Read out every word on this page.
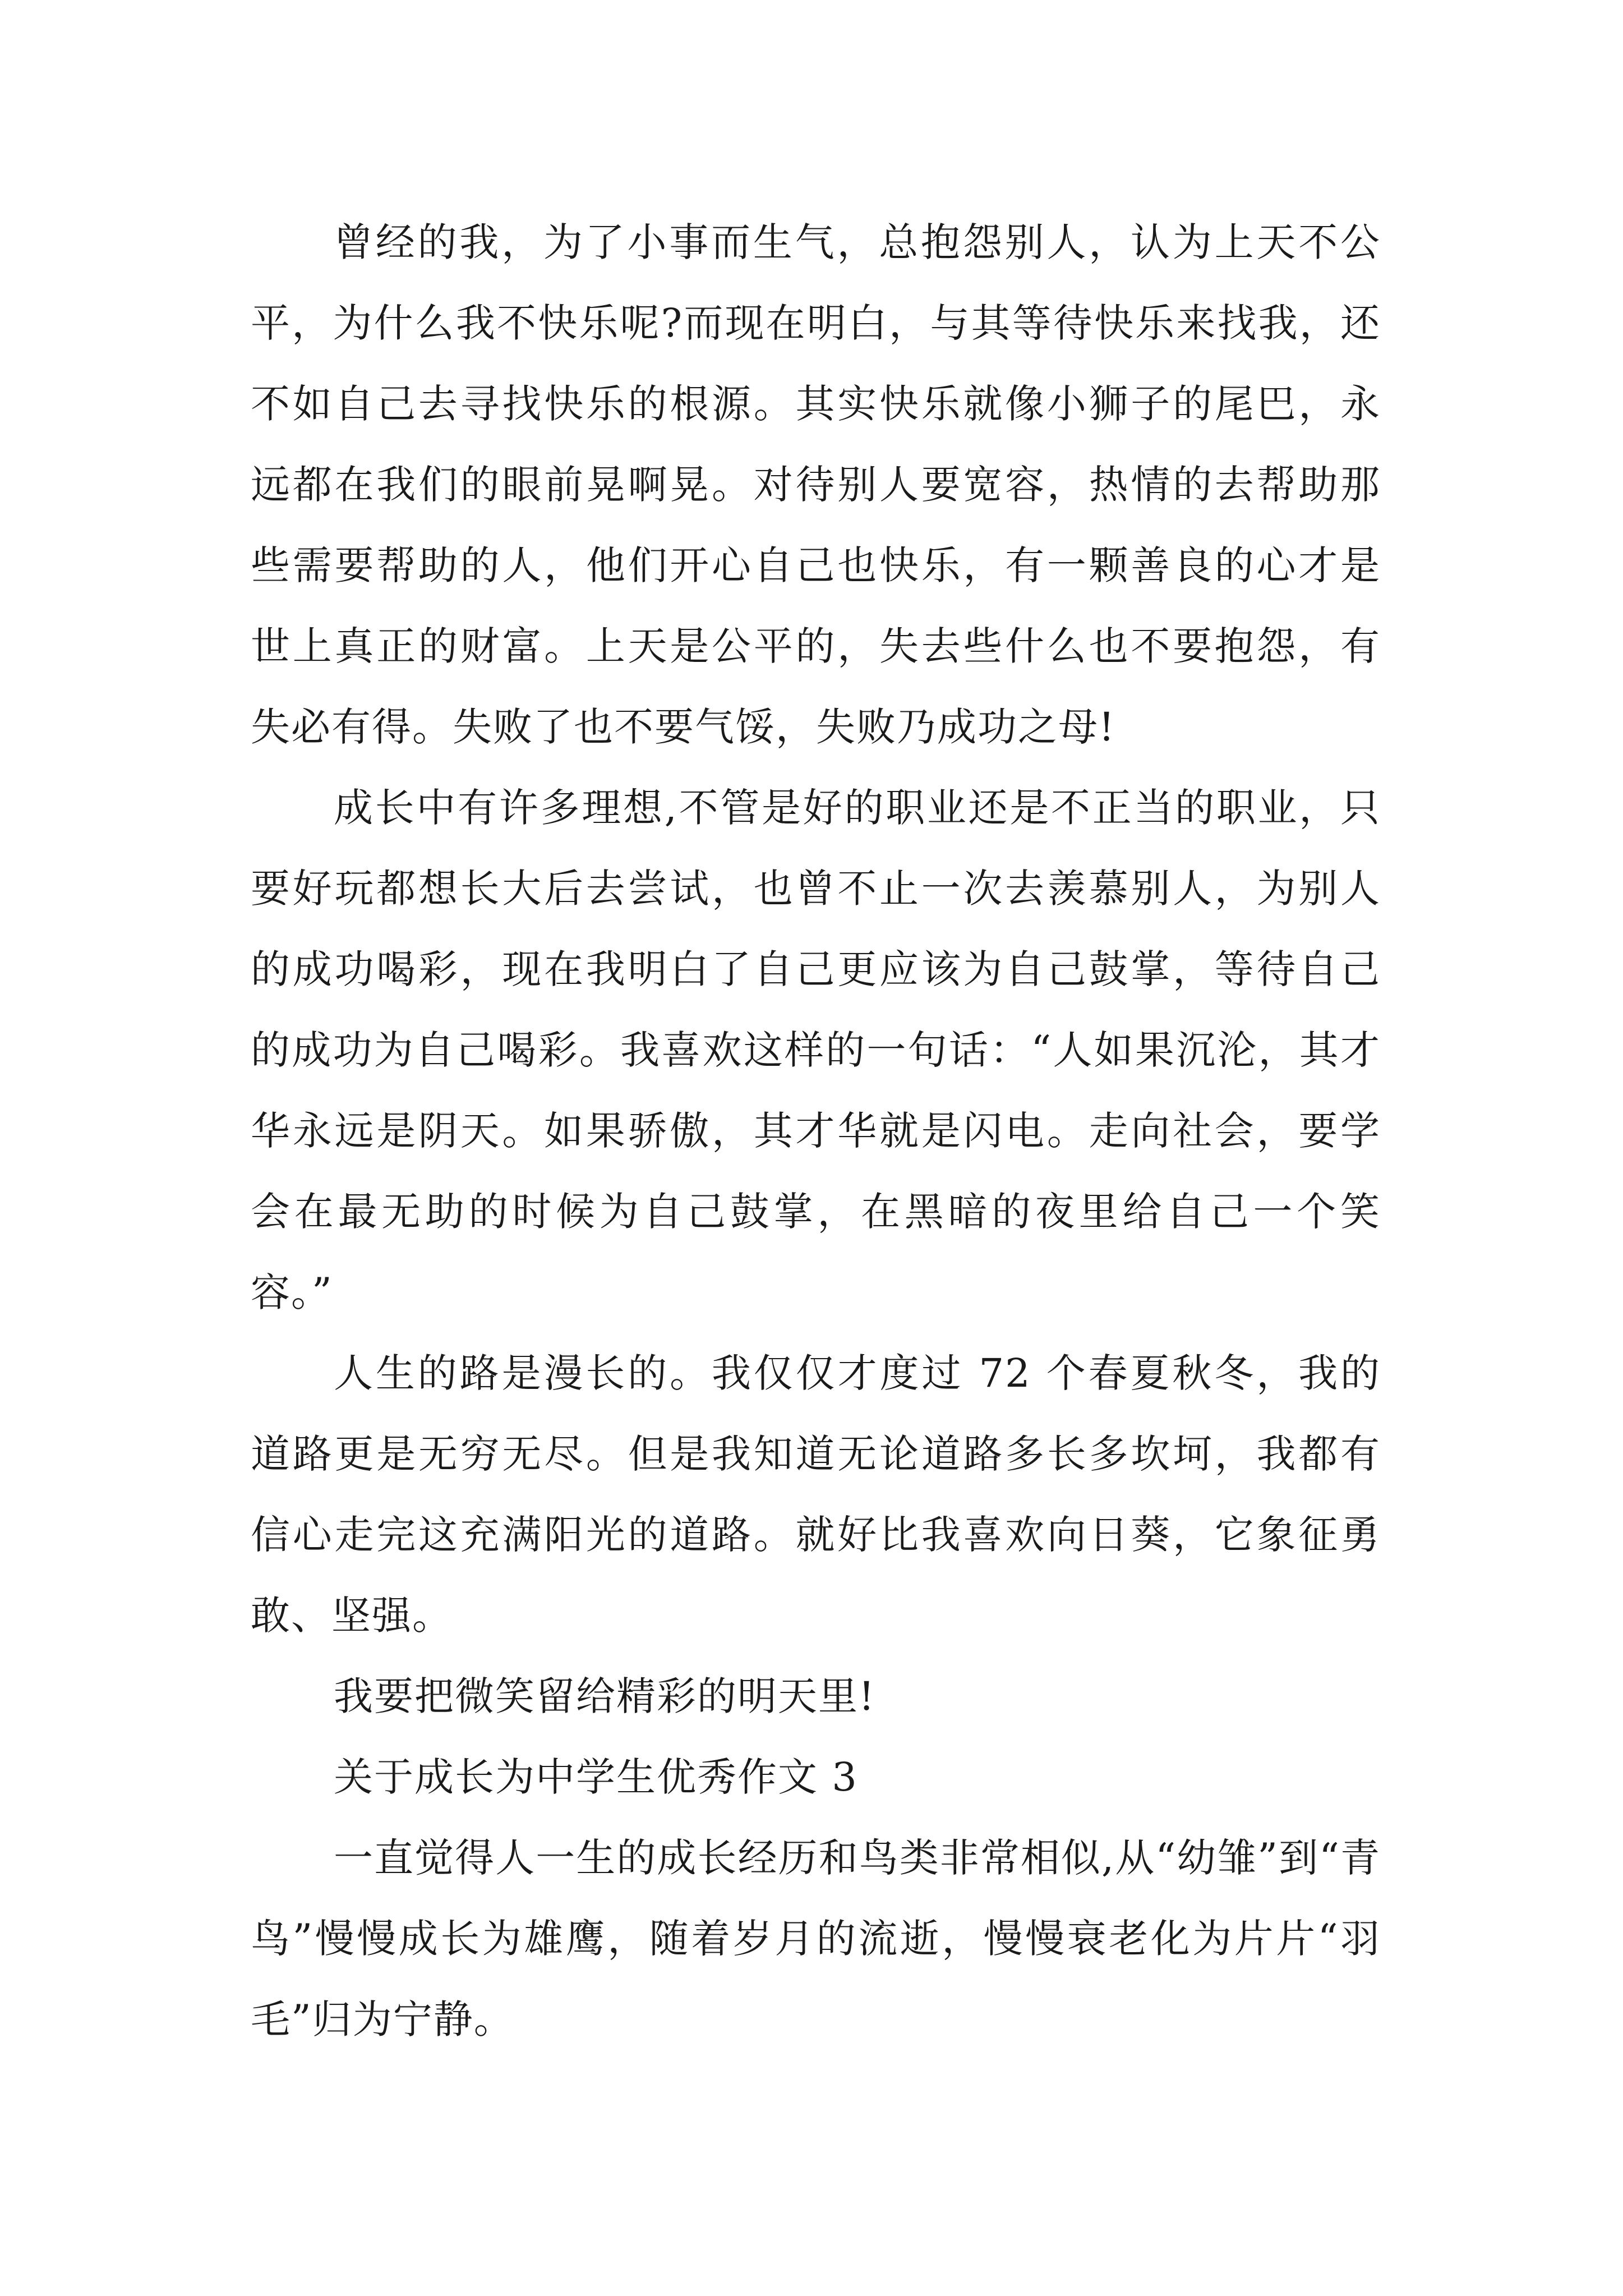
曾经的我，为了小事而生气，总抱怨别人，认为上天不公平，为什么我不快乐呢?而现在明白，与其等待快乐来找我，还不如自己去寻找快乐的根源。其实快乐就像小狮子的尾巴，永远都在我们的眼前晃啊晃。对待别人要宽容，热情的去帮助那些需要帮助的人，他们开心自己也快乐，有一颗善良的心才是世上真正的财富。上天是公平的，失去些什么也不要抱怨，有失必有得。失败了也不要气馁，失败乃成功之母!

成长中有许多理想,不管是好的职业还是不正当的职业，只要好玩都想长大后去尝试，也曾不止一次去羡慕别人，为别人的成功喝彩，现在我明白了自己更应该为自己鼓掌，等待自己的成功为自己喝彩。我喜欢这样的一句话：“人如果沉沦，其才华永远是阴天。如果骄傲，其才华就是闪电。走向社会，要学会在最无助的时候为自己鼓掌，在黑暗的夜里给自己一个笑容。”

人生的路是漫长的。我仅仅才度过 72 个春夏秋冬，我的道路更是无穷无尽。但是我知道无论道路多长多坎坷，我都有信心走完这充满阳光的道路。就好比我喜欢向日葵，它象征勇敢、坚强。

我要把微笑留给精彩的明天里!

关于成长为中学生优秀作文 3

一直觉得人一生的成长经历和鸟类非常相似,从“幼雏”到“青鸟”慢慢成长为雄鹰，随着岁月的流逝，慢慢衰老化为片片“羽毛”归为宁静。
